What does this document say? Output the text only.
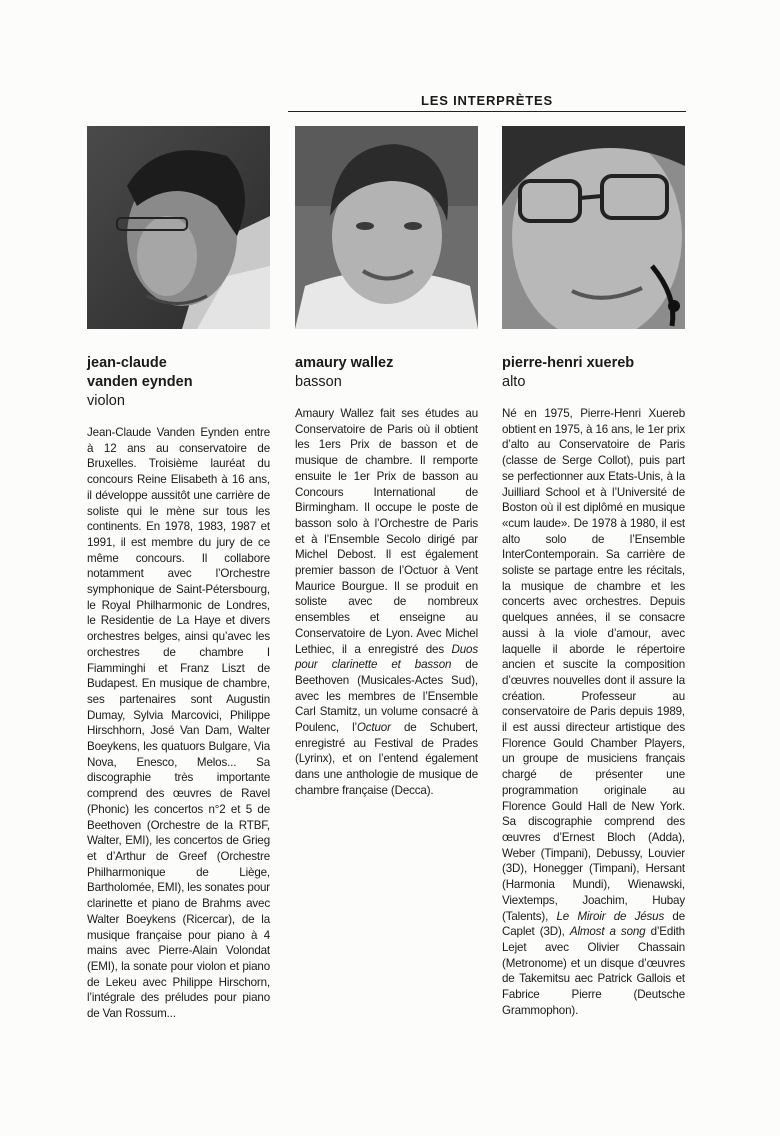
LES INTERPRÈTES
jean-claude
vanden eynden
violon
Jean-Claude Vanden Eynden entre à 12 ans au conservatoire de Bruxelles. Troisième lauréat du concours Reine Elisabeth à 16 ans, il développe aussitôt une carrière de soliste qui le mène sur tous les continents. En 1978, 1983, 1987 et 1991, il est membre du jury de ce même concours. Il collabore notamment avec l’Orchestre symphonique de Saint-Pétersbourg, le Royal Philharmonic de Londres, le Residentie de La Haye et divers orchestres belges, ainsi qu’avec les orchestres de chambre I Fiamminghi et Franz Liszt de Budapest. En musique de chambre, ses partenaires sont Augustin Dumay, Sylvia Marcovici, Philippe Hirschhorn, José Van Dam, Walter Boeykens, les quatuors Bulgare, Via Nova, Enesco, Melos... Sa discographie très importante comprend des œuvres de Ravel (Phonic) les concertos n°2 et 5 de Beethoven (Orchestre de la RTBF, Walter, EMI), les concertos de Grieg et d’Arthur de Greef (Orchestre Philharmonique de Liège, Bartholomée, EMI), les sonates pour clarinette et piano de Brahms avec Walter Boeykens (Ricercar), de la musique française pour piano à 4 mains avec Pierre-Alain Volondat (EMI), la sonate pour violon et piano de Lekeu avec Philippe Hirschorn, l’intégrale des préludes pour piano de Van Rossum...
amaury wallez
basson
Amaury Wallez fait ses études au Conservatoire de Paris où il obtient les 1ers Prix de basson et de musique de chambre. Il remporte ensuite le 1er Prix de basson au Concours International de Birmingham. Il occupe le poste de basson solo à l’Orchestre de Paris et à l’Ensemble Secolo dirigé par Michel Debost. Il est également premier basson de l’Octuor à Vent Maurice Bourgue. Il se produit en soliste avec de nombreux ensembles et enseigne au Conservatoire de Lyon. Avec Michel Lethiec, il a enregistré des Duos pour clarinette et basson de Beethoven (Musicales-Actes Sud), avec les membres de l’Ensemble Carl Stamitz, un volume consacré à Poulenc, l’Octuor de Schubert, enregistré au Festival de Prades (Lyrinx), et on l’entend également dans une anthologie de musique de chambre française (Decca).
pierre-henri xuereb
alto
Né en 1975, Pierre-Henri Xuereb obtient en 1975, à 16 ans, le 1er prix d’alto au Conservatoire de Paris (classe de Serge Collot), puis part se perfectionner aux Etats-Unis, à la Juilliard School et à l’Université de Boston où il est diplômé en musique «cum laude». De 1978 à 1980, il est alto solo de l’Ensemble InterContemporain. Sa carrière de soliste se partage entre les récitals, la musique de chambre et les concerts avec orchestres. Depuis quelques années, il se consacre aussi à la viole d’amour, avec laquelle il aborde le répertoire ancien et suscite la composition d’œuvres nouvelles dont il assure la création. Professeur au conservatoire de Paris depuis 1989, il est aussi directeur artistique des Florence Gould Chamber Players, un groupe de musiciens français chargé de présenter une programmation originale au Florence Gould Hall de New York. Sa discographie comprend des œuvres d’Ernest Bloch (Adda), Weber (Timpani), Debussy, Louvier (3D), Honegger (Timpani), Hersant (Harmonia Mundi), Wienawski, Viextemps, Joachim, Hubay (Talents), Le Miroir de Jésus de Caplet (3D), Almost a song d’Edith Lejet avec Olivier Chassain (Metronome) et un disque d’œuvres de Takemitsu aec Patrick Gallois et Fabrice Pierre (Deutsche Grammophon).
